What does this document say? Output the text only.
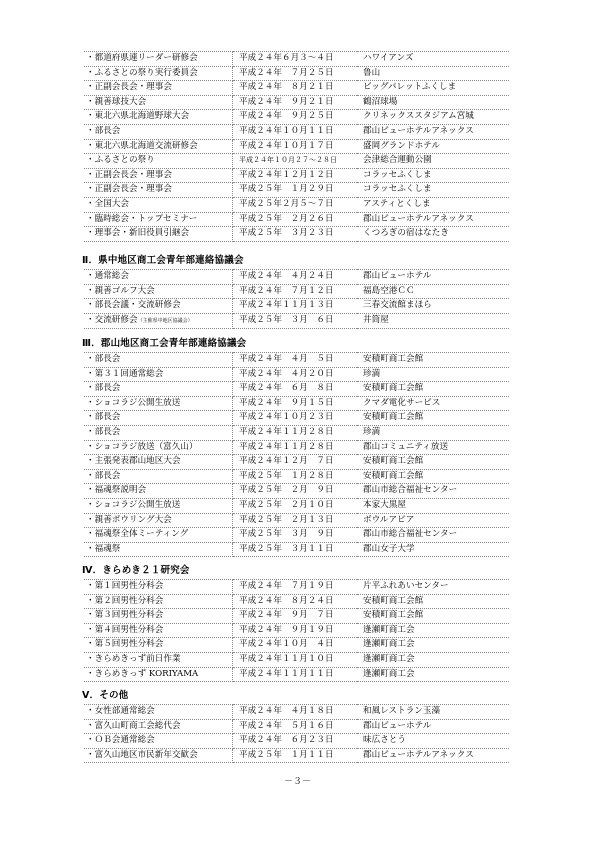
・都道府県連リーダー研修会	平成２４年６月３～４日	ハワイアンズ
・ふるさとの祭り実行委員会	平成２４年　７月２５日	鲁山
・正副会長会・理事会	平成２４年　８月２１日	ビッグパレットふくしま
・親善球技大会	平成２４年　９月２１日	鶴沼球場
・東北六県北海道野球大会	平成２４年　９月２５日	クリネックススタジアム宮城
・部長会	平成２４年１０月１１日	郡山ビューホテルアネックス
・東北六県北海道交流研修会	平成２４年１０月１７日	盛岡グランドホテル
・ふるさとの祭り	平成２４年１０月２７～２８日	会津総合運動公園
・正副会長会・理事会	平成２４年１２月１２日	コラッセふくしま
・正副会長会・理事会	平成２５年　１月２９日	コラッセふくしま
・全国大会	平成２５年２月５～７日	アスティとくしま
・臨時総会・トップセミナー	平成２５年　２月２６日	郡山ビューホテルアネックス
・理事会・新旧役員引継会	平成２５年　３月２３日	くつろぎの宿はなたき
Ⅱ．県中地区商工会青年部連絡協議会
・通常総会	平成２４年　４月２４日	郡山ビューホテル
・親善ゴルフ大会	平成２４年　７月１２日	福島空港ＣＣ
・部長会議・交流研修会	平成２４年１１月１３日	三春交流館まほら
・交流研修会（主催県中地区協議会）	平成２５年　３月　６日	井筒屋
Ⅲ．郡山地区商工会青年部連絡協議会
・部長会	平成２４年　４月　５日	安積町商工会館
・第３１回通常総会	平成２４年　４月２０日	珍満
・部長会	平成２４年　６月　８日	安積町商工会館
・ショコラジ公開生放送	平成２４年　９月１５日	クマダ電化サービス
・部長会	平成２４年１０月２３日	安積町商工会館
・部長会	平成２４年１１月２８日	珍満
・ショコラジ放送（富久山）	平成２４年１１月２８日	郡山コミュニティ放送
・主張発表郡山地区大会	平成２４年１２月　７日	安積町商工会館
・部長会	平成２５年　１月２８日	安積町商工会館
・福魂祭説明会	平成２５年　２月　９日	郡山市総合福祉センター
・ショコラジ公開生放送	平成２５年　２月１０日	本家大黒屋
・親善ボウリング大会	平成２５年　２月１３日	ボウルアピア
・福魂祭全体ミーティング	平成２５年　３月　９日	郡山市総合福祉センター
・福魂祭	平成２５年　３月１１日	郡山女子大学
Ⅳ．きらめき２１研究会
・第１回男性分科会	平成２４年　７月１９日	片平ふれあいセンター
・第２回男性分科会	平成２４年　８月２４日	安積町商工会館
・第３回男性分科会	平成２４年　９月　７日	安積町商工会館
・第４回男性分科会	平成２４年　９月１９日	逢瀬町商工会
・第５回男性分科会	平成２４年１０月　４日	逢瀬町商工会
・きらめきっず前日作業	平成２４年１１月１０日	逢瀬町商工会
・きらめきっず KORIYAMA	平成２４年１１月１１日	逢瀬町商工会
Ⅴ．その他
・女性部通常総会	平成２４年　４月１８日	和風レストラン玉藻
・富久山町商工会総代会	平成２４年　５月１６日	郡山ビューホテル
・ＯＢ会通常総会	平成２４年　６月２３日	味広さとう
・富久山地区市民新年交歓会	平成２５年　１月１１日	郡山ビューホテルアネックス
－３－
